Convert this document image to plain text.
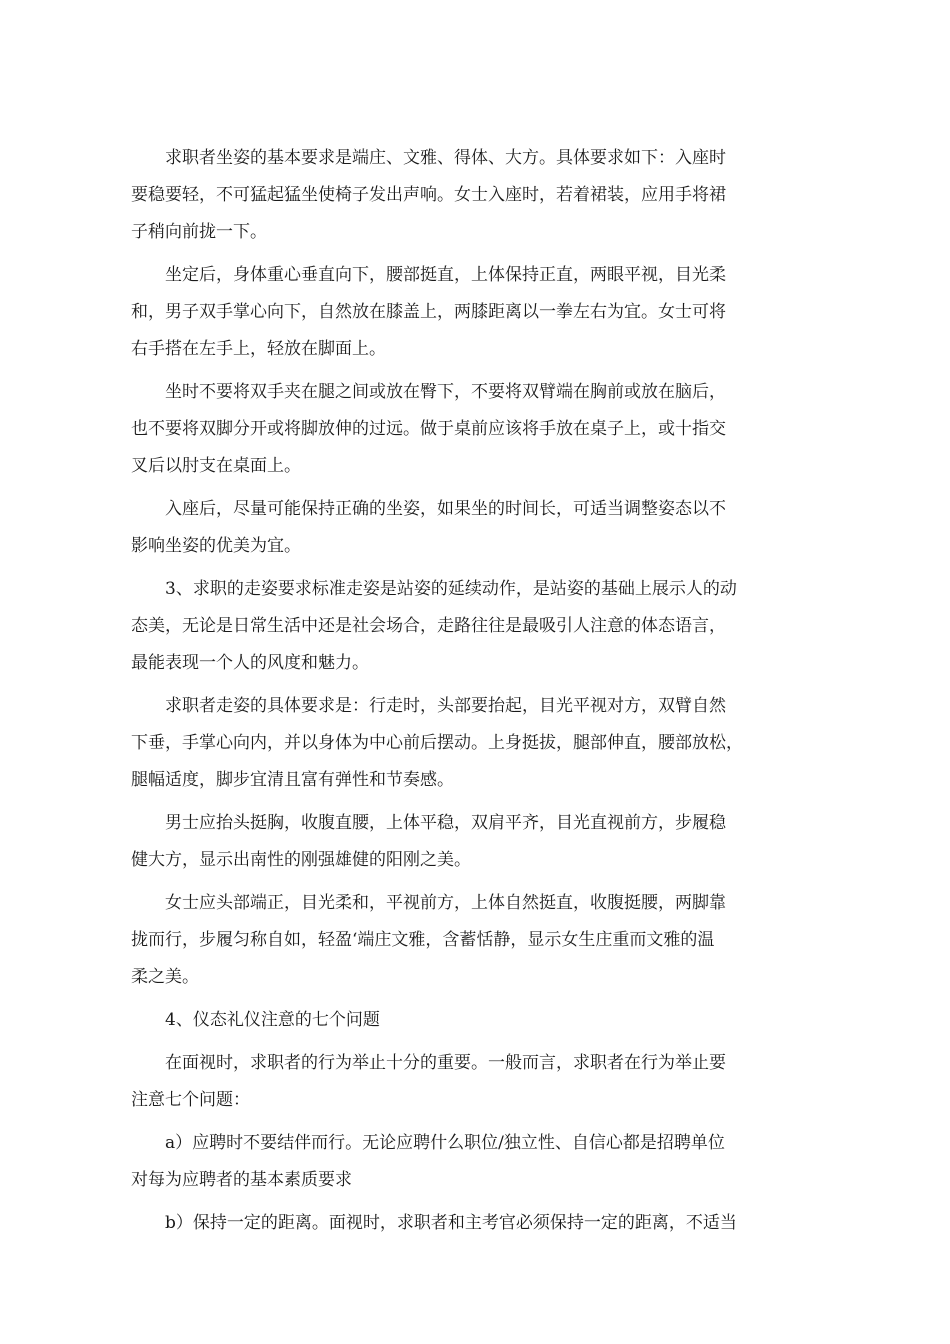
求职者坐姿的基本要求是端庄、文雅、得体、大方。具体要求如下：入座时
要稳要轻，不可猛起猛坐使椅子发出声响。女士入座时，若着裙装，应用手将裙
子稍向前拢一下。

坐定后，身体重心垂直向下，腰部挺直，上体保持正直，两眼平视，目光柔
和，男子双手掌心向下，自然放在膝盖上，两膝距离以一拳左右为宜。女士可将
右手搭在左手上，轻放在脚面上。

坐时不要将双手夹在腿之间或放在臀下，不要将双臂端在胸前或放在脑后，
也不要将双脚分开或将脚放伸的过远。做于桌前应该将手放在桌子上，或十指交
叉后以肘支在桌面上。

入座后，尽量可能保持正确的坐姿，如果坐的时间长，可适当调整姿态以不
影响坐姿的优美为宜。

3、求职的走姿要求标准走姿是站姿的延续动作，是站姿的基础上展示人的动
态美，无论是日常生活中还是社会场合，走路往往是最吸引人注意的体态语言，
最能表现一个人的风度和魅力。

求职者走姿的具体要求是：行走时，头部要抬起，目光平视对方，双臂自然
下垂，手掌心向内，并以身体为中心前后摆动。上身挺拔，腿部伸直，腰部放松，
腿幅适度，脚步宜清且富有弹性和节奏感。

男士应抬头挺胸，收腹直腰，上体平稳，双肩平齐，目光直视前方，步履稳
健大方，显示出南性的刚强雄健的阳刚之美。

女士应头部端正，目光柔和，平视前方，上体自然挺直，收腹挺腰，两脚靠
拢而行，步履匀称自如，轻盈‘端庄文雅，含蓄恬静，显示女生庄重而文雅的温
柔之美。

4、仪态礼仪注意的七个问题

在面视时，求职者的行为举止十分的重要。一般而言，求职者在行为举止要
注意七个问题：

a）应聘时不要结伴而行。无论应聘什么职位/独立性、自信心都是招聘单位
对每为应聘者的基本素质要求

b）保持一定的距离。面视时，求职者和主考官必须保持一定的距离，不适当
